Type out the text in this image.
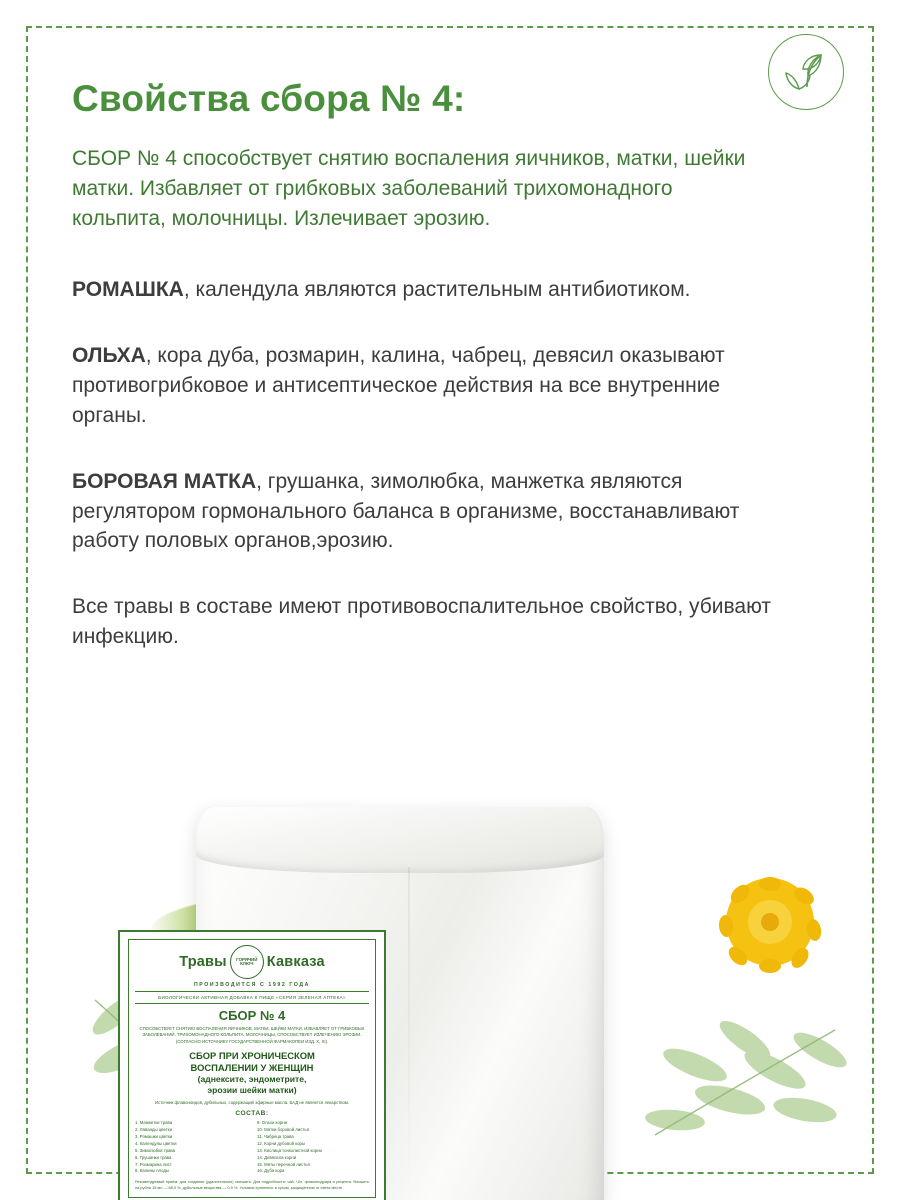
Свойства сбора № 4:

СБОР № 4 способствует снятию воспаления яичников, матки, шейки матки. Избавляет от грибковых заболеваний трихомонадного кольпита, молочницы. Излечивает эрозию.

РОМАШКА, календула являются растительным антибиотиком.

ОЛЬХА, кора дуба, розмарин, калина, чабрец, девясил оказывают противогрибковое и антисептическое действия на все внутренние органы.

БОРОВАЯ МАТКА, грушанка, зимолюбка, манжетка являются регулятором гормонального баланса в организме, восстанавливают работу половых органов,эрозию.

Все травы в составе имеют противовоспалительное свойство, убивают инфекцию.

Травы ГОРЯЧИЙ
КЛЮЧ Кавказа
ПРОИЗВОДИТСЯ С 1992 ГОДА
БИОЛОГИЧЕСКИ АКТИВНАЯ ДОБАВКА К ПИЩЕ «СЕРИЯ ЗЕЛЕНАЯ АПТЕКА»
СБОР № 4
СПОСОБСТВУЕТ СНЯТИЮ ВОСПАЛЕНИЯ ЯИЧНИКОВ, МАТКИ, ШЕЙКИ МАТКИ, ИЗБАВЛЯЕТ ОТ ГРИБКОВЫХ ЗАБОЛЕВАНИЙ, ТРИХОМОНАДНОГО КОЛЬПИТА, МОЛОЧНИЦЫ, СПОСОБСТВУЕТ ИЗЛЕЧЕНИЮ ЭРОЗИИ.
(СОГЛАСНО ИСТОЧНИКУ ГОСУДАРСТВЕННОЙ ФАРМАКОПЕИ ИЗД. X, XI).
СБОР ПРИ ХРОНИЧЕСКОМ
ВОСПАЛЕНИИ У ЖЕНЩИН
(аднексите, эндометрите,
эрозии шейки матки)
Источник флавоноидов, дубильных, содержащий эфирные масла. БАД не является лекарством.
СОСТАВ:
1. Манжетки трава
2. Лаванды цветки
3. Ромашки цветки
4. Календулы цветки
5. Зимолюбки трава
6. Грушанки трава
7. Розмарина лист
8. Калины плоды
9. Ольхи корни
10. Матки боровой листья
11. Чабреца трава
12. Корни дубовой коры
13. Кислица тонколистной корни
14. Девясила корни
15. Мяты перечной листья
16. Дуба кора
Рекомендуемый приём: для создания (удалительное) смешать. Для подробности: чай. Ч/л. флаконодрара и рецепта. Вложить на рубли 15 мл — 68,0 %, дубильные вещества — 0,9 %. Условия хранения: в сухом, защищённом от света месте.
